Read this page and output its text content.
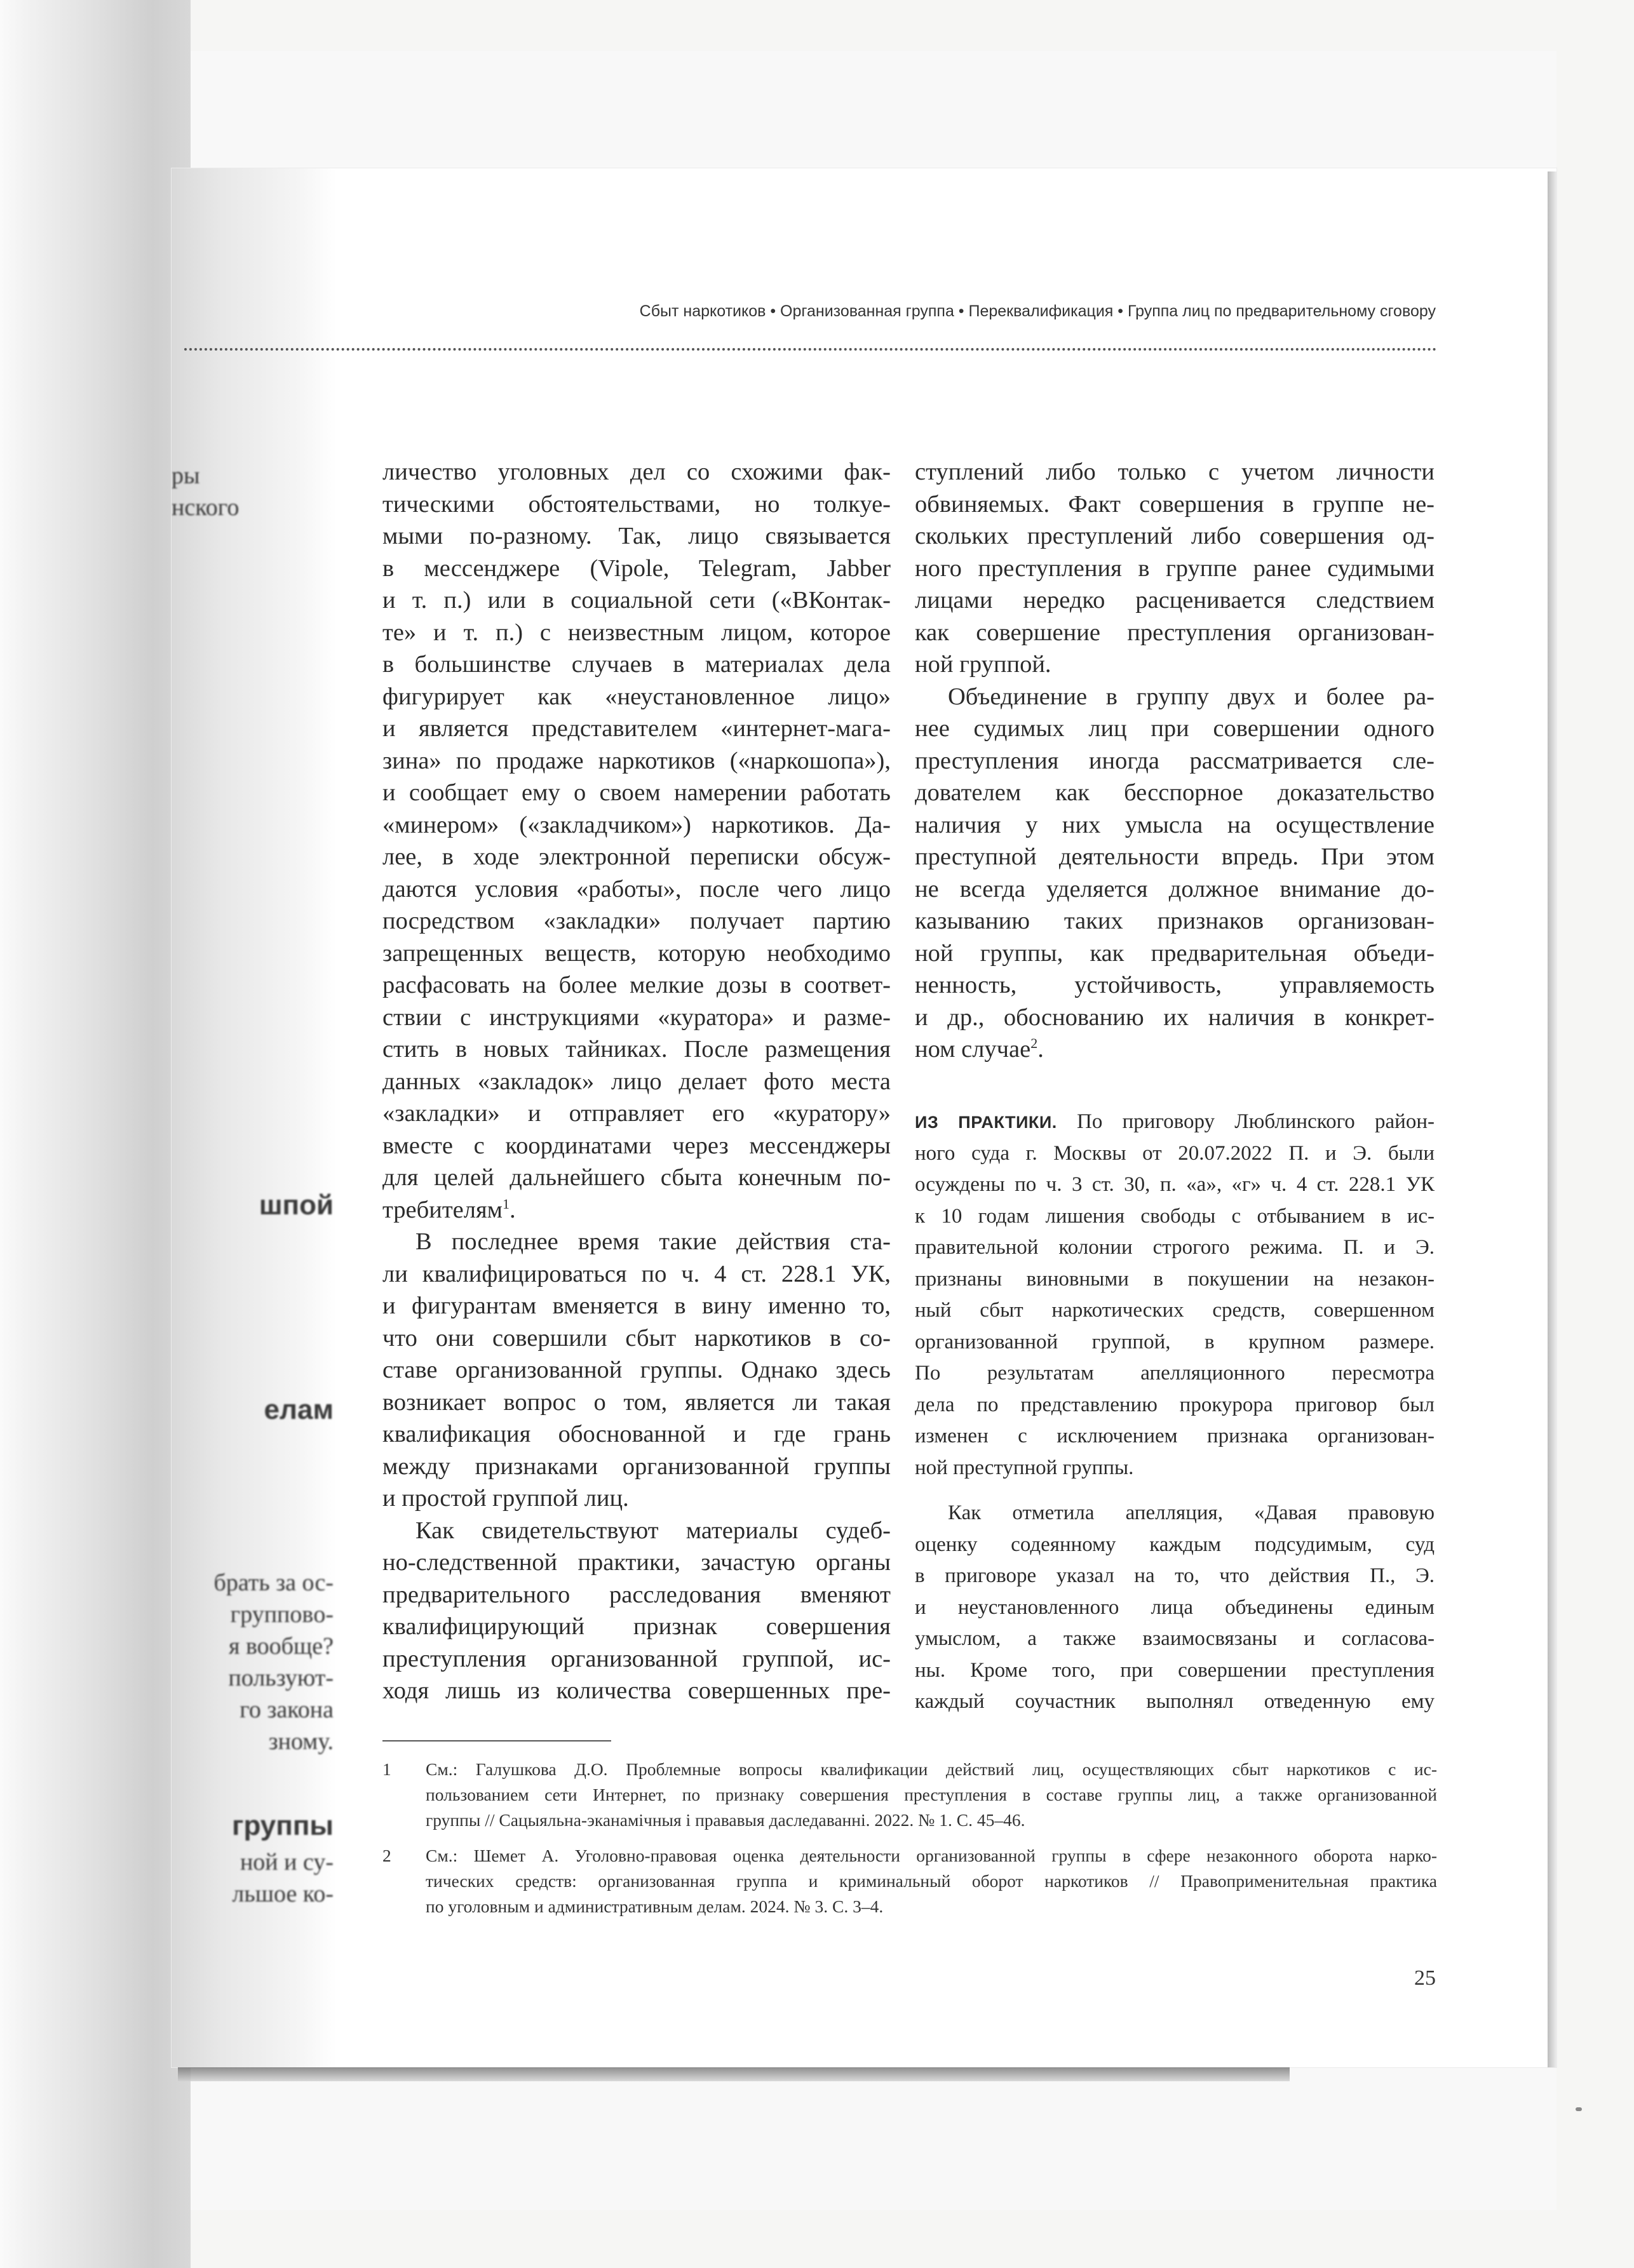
ры
нского
шпой
елам
брать за ос-
групповo-
я вообще?
пользуют-
го закона
зному.
группы
ной и су-
льшое ко-
Сбыт наркотиков • Организованная группа • Переквалификация • Группа лиц по предварительному сговору
личество уголовных дел со схожими фак-
тическими обстоятельствами, но толкуе-
мыми по-разному. Так, лицо связывается
в мессенджере (Vipole, Telegram, Jabber
и т. п.) или в социальной сети («ВКонтак-
те» и т. п.) с неизвестным лицом, которое
в большинстве случаев в материалах дела
фигурирует как «неустановленное лицо»
и является представителем «интернет-мага-
зина» по продаже наркотиков («наркошопа»),
и сообщает ему о своем намерении работать
«минером» («закладчиком») наркотиков. Да-
лее, в ходе электронной переписки обсуж-
даются условия «работы», после чего лицо
посредством «закладки» получает партию
запрещенных веществ, которую необходимо
расфасовать на более мелкие дозы в соответ-
ствии с инструкциями «куратора» и разме-
стить в новых тайниках. После размещения
данных «закладок» лицо делает фото места
«закладки» и отправляет его «куратору»
вместе с координатами через мессенджеры
для целей дальнейшего сбыта конечным по-
требителям$^1$.
В последнее время такие действия ста-
ли квалифицироваться по ч. 4 ст. 228.1 УК,
и фигурантам вменяется в вину именно то,
что они совершили сбыт наркотиков в со-
ставе организованной группы. Однако здесь
возникает вопрос о том, является ли такая
квалификация обоснованной и где грань
между признаками организованной группы
и простой группой лиц.
Как свидетельствуют материалы судеб-
но-следственной практики, зачастую органы
предварительного расследования вменяют
квалифицирующий признак совершения
преступления организованной группой, ис-
ходя лишь из количества совершенных пре-
ступлений либо только с учетом личности
обвиняемых. Факт совершения в группе не-
скольких преступлений либо совершения од-
ного преступления в группе ранее судимыми
лицами нередко расценивается следствием
как совершение преступления организован-
ной группой.
Объединение в группу двух и более ра-
нее судимых лиц при совершении одного
преступления иногда рассматривается сле-
дователем как бесспорное доказательство
наличия у них умысла на осуществление
преступной деятельности впредь. При этом
не всегда уделяется должное внимание до-
казыванию таких признаков организован-
ной группы, как предварительная объеди-
ненность, устойчивость, управляемость
и др., обоснованию их наличия в конкрет-
ном случае$^2$.
ИЗ ПРАКТИКИ. По приговору Люблинского район-
ного суда г. Москвы от 20.07.2022 П. и Э. были
осуждены по ч. 3 ст. 30, п. «а», «г» ч. 4 ст. 228.1 УК
к 10 годам лишения свободы с отбыванием в ис-
правительной колонии строгого режима. П. и Э.
признаны виновными в покушении на незакон-
ный сбыт наркотических средств, совершенном
организованной группой, в крупном размере.
По результатам апелляционного пересмотра
дела по представлению прокурора приговор был
изменен с исключением признака организован-
ной преступной группы.
Как отметила апелляция, «Давая правовую
оценку содеянному каждым подсудимым, суд
в приговоре указал на то, что действия П., Э.
и неустановленного лица объединены единым
умыслом, а также взаимосвязаны и согласова-
ны. Кроме того, при совершении преступления
каждый соучастник выполнял отведенную ему
1 См.: Галушкова Д.О. Проблемные вопросы квалификации действий лиц, осуществляющих сбыт наркотиков с ис-
пользованием сети Интернет, по признаку совершения преступления в составе группы лиц, а также организованной
группы // Сацыяльна-эканамічныя і прававыя даследаванні. 2022. № 1. С. 45–46.
2 См.: Шемет А. Уголовно-правовая оценка деятельности организованной группы в сфере незаконного оборота нарко-
тических средств: организованная группа и криминальный оборот наркотиков // Правоприменительная практика
по уголовным и административным делам. 2024. № 3. С. 3–4.
25
